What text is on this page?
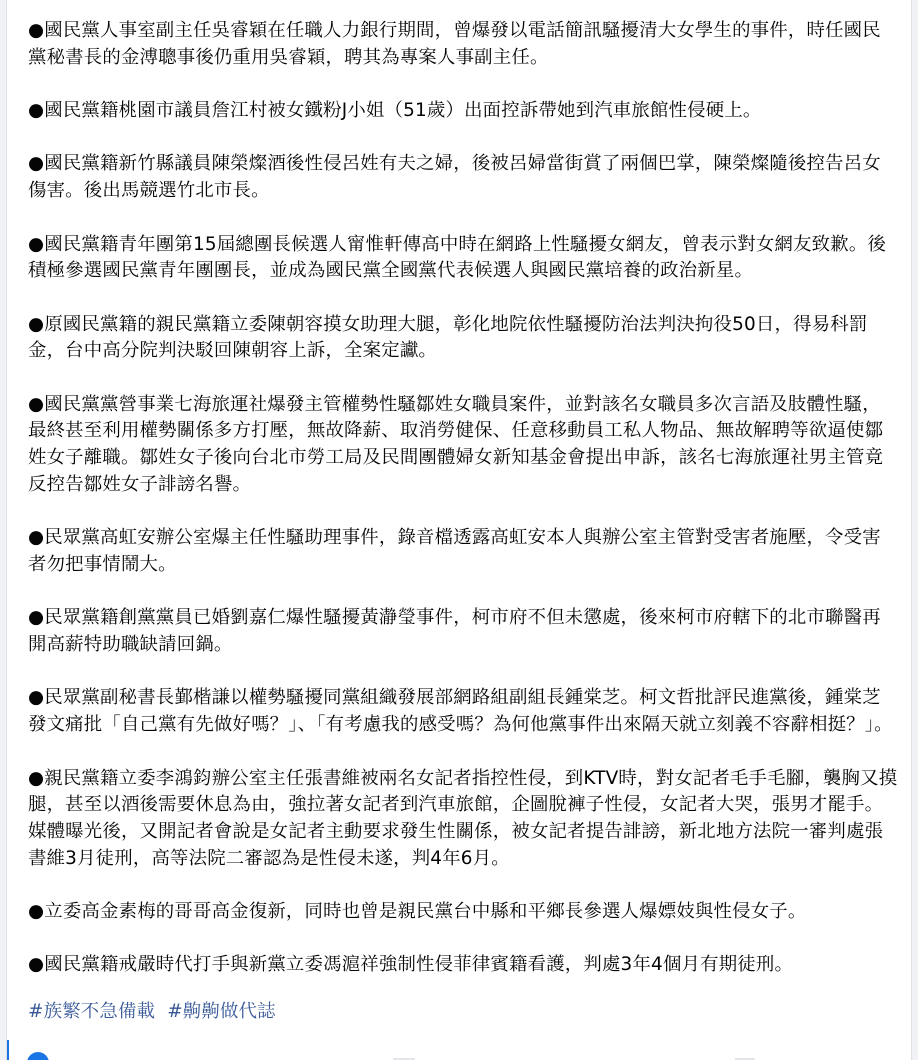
●國民黨人事室副主任吳睿穎在任職人力銀行期間，曾爆發以電話簡訊騷擾清大女學生的事件，時任國民黨秘書長的金溥聰事後仍重用吳睿穎，聘其為專案人事副主任。

●國民黨籍桃園市議員詹江村被女鐵粉J小姐（51歲）出面控訴帶她到汽車旅館性侵硬上。

●國民黨籍新竹縣議員陳榮燦酒後性侵呂姓有夫之婦，後被呂婦當街賞了兩個巴掌，陳榮燦隨後控告呂女傷害。後出馬競選竹北市長。

●國民黨籍青年團第15屆總團長候選人甯惟軒傳高中時在網路上性騷擾女網友，曾表示對女網友致歉。後積極參選國民黨青年團團長，並成為國民黨全國黨代表候選人與國民黨培養的政治新星。

●原國民黨籍的親民黨籍立委陳朝容摸女助理大腿，彰化地院依性騷擾防治法判決拘役50日，得易科罰金，台中高分院判決駁回陳朝容上訴，全案定讞。

●國民黨黨營事業七海旅運社爆發主管權勢性騷鄒姓女職員案件，並對該名女職員多次言語及肢體性騷，最終甚至利用權勢關係多方打壓，無故降薪、取消勞健保、任意移動員工私人物品、無故解聘等欲逼使鄒姓女子離職。鄒姓女子後向台北市勞工局及民間團體婦女新知基金會提出申訴，該名七海旅運社男主管竟反控告鄒姓女子誹謗名譽。

●民眾黨高虹安辦公室爆主任性騷助理事件，錄音檔透露高虹安本人與辦公室主管對受害者施壓，令受害者勿把事情鬧大。

●民眾黨籍創黨黨員已婚劉嘉仁爆性騷擾黃瀞瑩事件，柯市府不但未懲處，後來柯市府轄下的北市聯醫再開高薪特助職缺請回鍋。

●民眾黨副秘書長鄞楷謙以權勢騷擾同黨組織發展部網路組副組長鍾棠芝。柯文哲批評民進黨後，鍾棠芝發文痛批「自己黨有先做好嗎？」、「有考慮我的感受嗎？為何他黨事件出來隔天就立刻義不容辭相挺？」。

●親民黨籍立委李鴻鈞辦公室主任張書維被兩名女記者指控性侵，到KTV時，對女記者毛手毛腳，襲胸又摸腿，甚至以酒後需要休息為由，強拉著女記者到汽車旅館，企圖脫褲子性侵，女記者大哭，張男才罷手。媒體曝光後，又開記者會說是女記者主動要求發生性關係，被女記者提告誹謗，新北地方法院一審判處張書維3月徒刑，高等法院二審認為是性侵未遂，判4年6月。

●立委高金素梅的哥哥高金復新，同時也曾是親民黨台中縣和平鄉長參選人爆嫖妓與性侵女子。

●國民黨籍戒嚴時代打手與新黨立委馮滬祥強制性侵菲律賓籍看護，判處3年4個月有期徒刑。

#族繁不急備載 #齁齁做代誌
